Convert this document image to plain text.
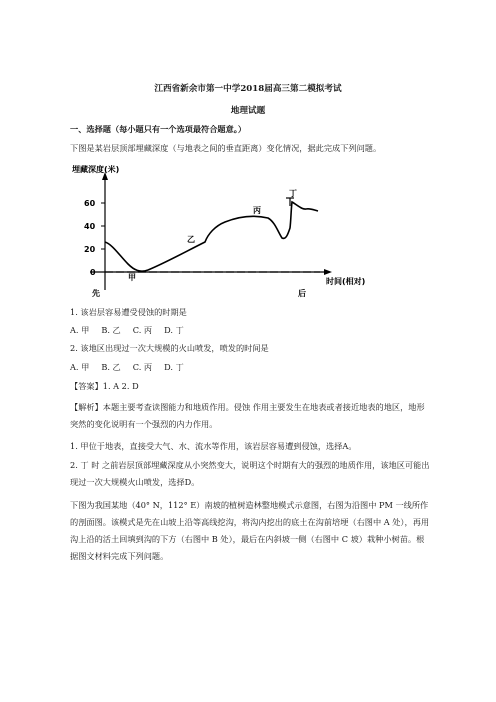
江西省新余市第一中学2018届高三第二模拟考试
地理试题
一、选择题（每小题只有一个选项最符合题意。）
下图是某岩层顶部埋藏深度（与地表之间的垂直距离）变化情况，据此完成下列问题。
埋藏深度(米)
60
40
20
0
甲
乙
丙
丁
时间(相对)
先	后
1. 该岩层容易遭受侵蚀的时期是
A. 甲 B. 乙 C. 丙 D. 丁
2. 该地区出现过一次大规模的火山喷发，喷发的时间是
A. 甲 B. 乙 C. 丙 D. 丁
【答案】1. A 2. D
【解析】本题主要考查读图能力和地质作用。侵蚀 作用主要发生在地表或者接近地表的地区，地形突然的变化说明有一个强烈的内力作用。
1. 甲位于地表，直接受大气、水、流水等作用，该岩层容易遭到侵蚀，选择A。
2. 丁 时 之前岩层顶部埋藏深度从小突然变大，说明这个时期有大的强烈的地质作用，该地区可能出现过一次大规模火山喷发，选择D。
下图为我国某地（40° N，112° E）南坡的植树造林整地模式示意图，右图为沿图中 PM 一线所作的剖面图。该模式是先在山坡上沿等高线挖沟，将沟内挖出的底土在沟前培埂（右图中 A 处），再用沟上沿的活土回填到沟的下方（右图中 B 处），最后在内斜坡一侧（右图中 C 坡）栽种小树苗。根据图文材料完成下列问题。
